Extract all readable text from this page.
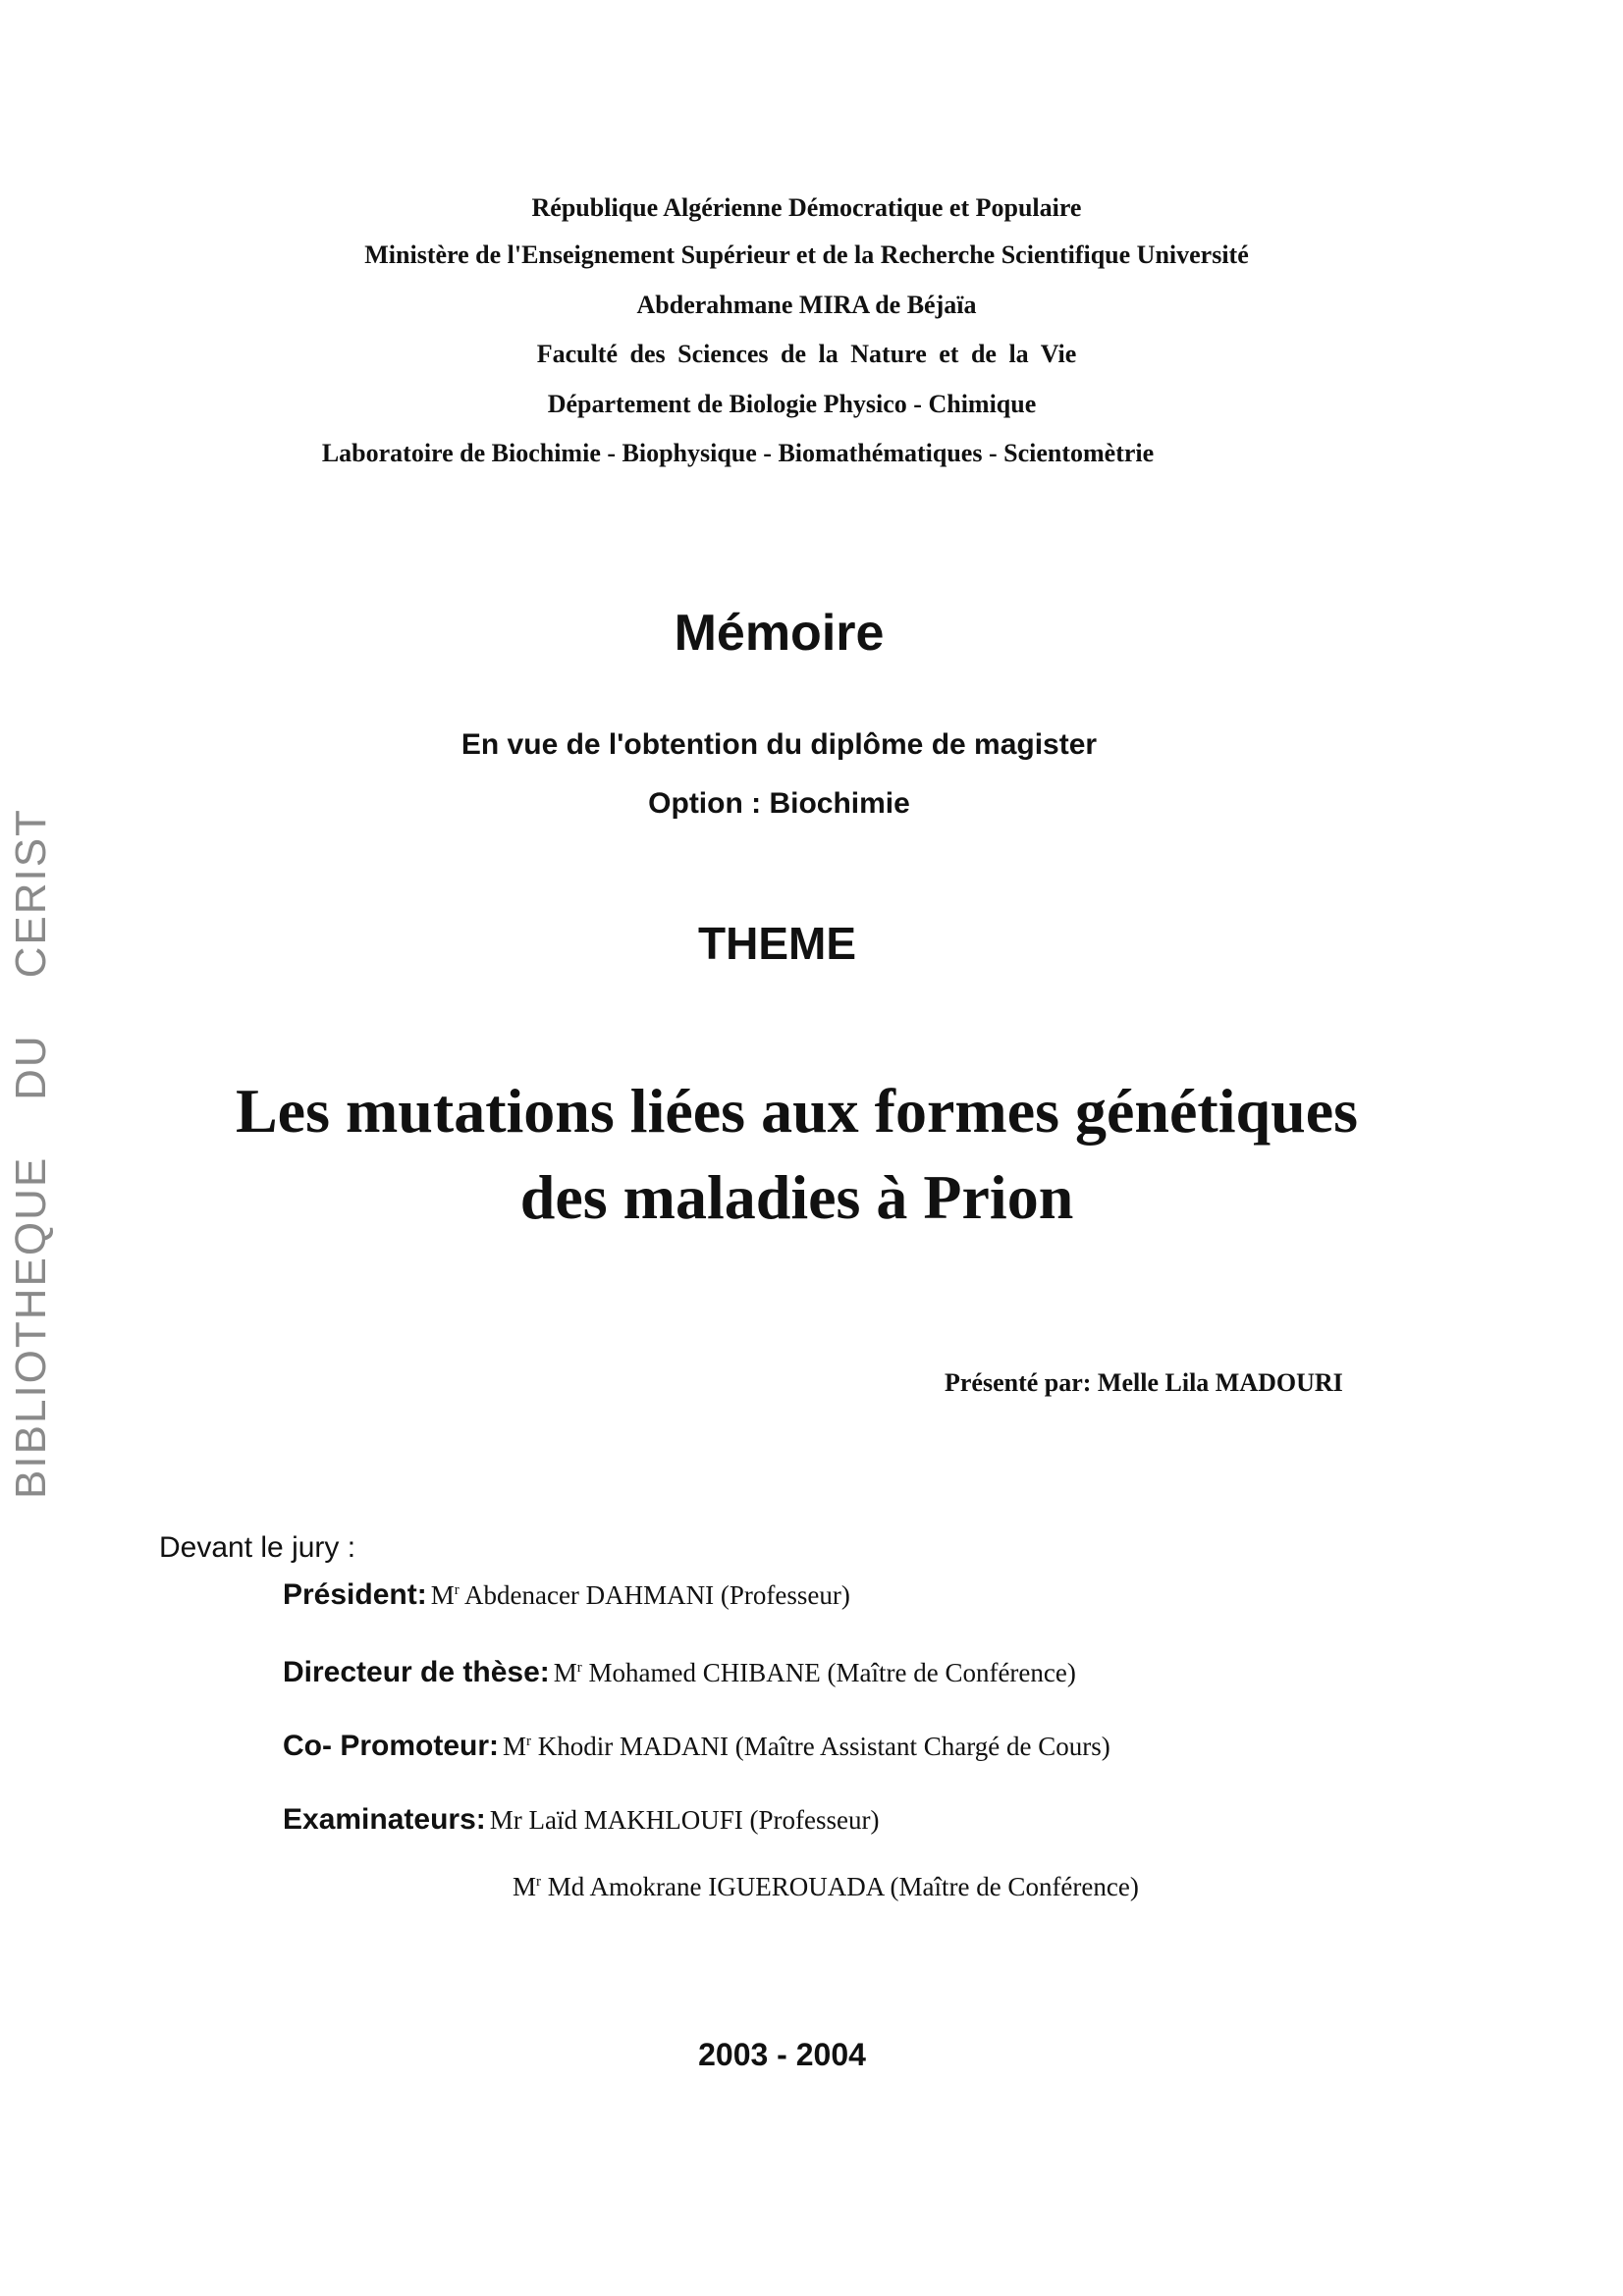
BIBLIOTHEQUE    DU    CERIST
République Algérienne Démocratique et Populaire
Ministère de l'Enseignement Supérieur et de la Recherche Scientifique Université
Abderahmane MIRA de Béjaïa
Faculté des Sciences de la Nature et de la Vie
Département de Biologie Physico - Chimique
Laboratoire de Biochimie - Biophysique - Biomathématiques - Scientomètrie
Mémoire
En vue de l'obtention du diplôme de magister
Option : Biochimie
THEME
Les mutations liées aux formes génétiques
des maladies à Prion
Présenté par: Melle Lila MADOURI
Devant le jury :
Président: $M^r$ Abdenacer DAHMANI (Professeur)
Directeur de thèse: $M^r$ Mohamed CHIBANE (Maître de Conférence)
Co- Promoteur: $M^r$ Khodir MADANI (Maître Assistant Chargé de Cours)
Examinateurs: Mr Laïd MAKHLOUFI (Professeur)
$M^r$ Md Amokrane IGUEROUADA (Maître de Conférence)
2003 - 2004
